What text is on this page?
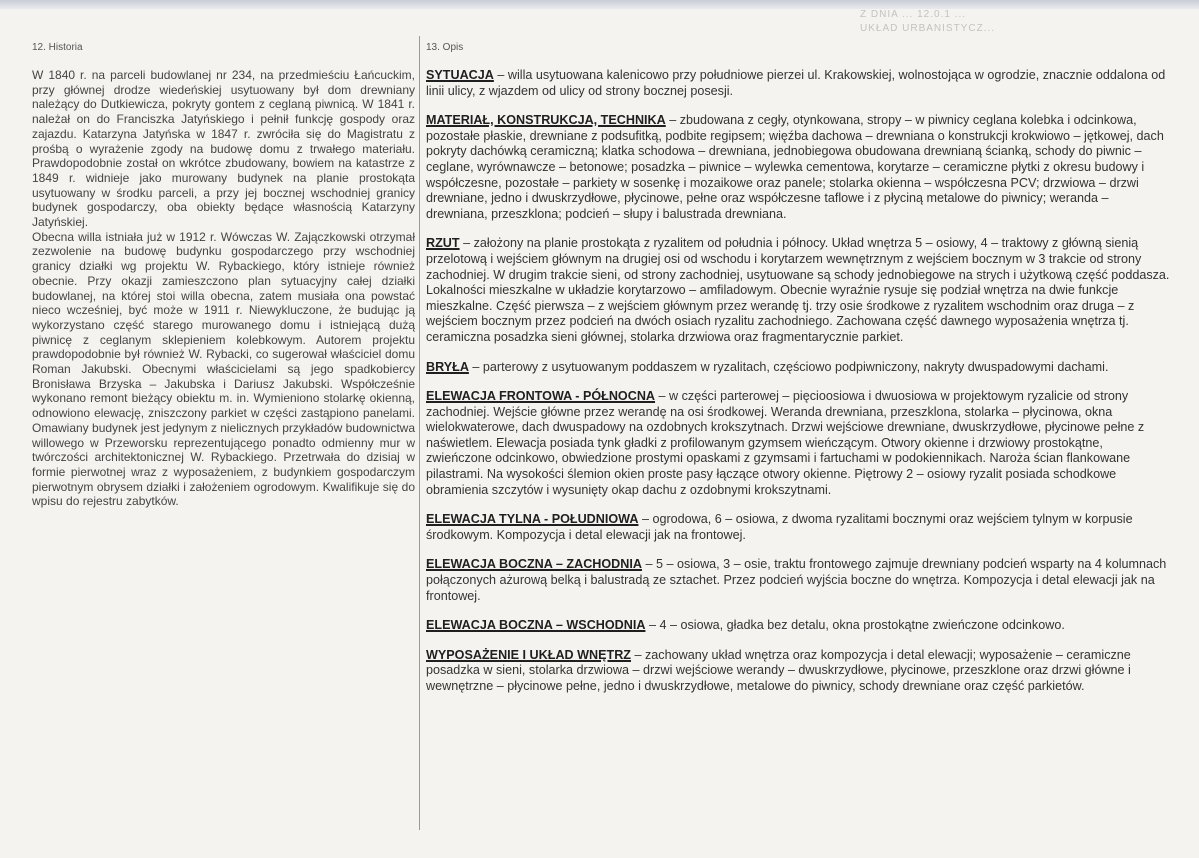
Z DNIA ... 12.0.1 ...
UKŁAD URBANISTYCZ...
12. Historia

W 1840 r. na parceli budowlanej nr 234, na przedmieściu Łańcuckim, przy głównej drodze wiedeńskiej usytuowany był dom drewniany należący do Dutkiewicza, pokryty gontem z ceglaną piwnicą. W 1841 r. należał on do Franciszka Jatyńskiego i pełnił funkcję gospody oraz zajazdu. Katarzyna Jatyńska w 1847 r. zwróciła się do Magistratu z prośbą o wyrażenie zgody na budowę domu z trwałego materiału. Prawdopodobnie został on wkrótce zbudowany, bowiem na katastrze z 1849 r. widnieje jako murowany budynek na planie prostokąta usytuowany w środku parceli, a przy jej bocznej wschodniej granicy budynek gospodarczy, oba obiekty będące własnością Katarzyny Jatyńskiej.

Obecna willa istniała już w 1912 r. Wówczas W. Zajączkowski otrzymał zezwolenie na budowę budynku gospodarczego przy wschodniej granicy działki wg projektu W. Rybackiego, który istnieje również obecnie. Przy okazji zamieszczono plan sytuacyjny całej działki budowlanej, na której stoi willa obecna, zatem musiała ona powstać nieco wcześniej, być może w 1911 r. Niewykluczone, że budując ją wykorzystano część starego murowanego domu i istniejącą dużą piwnicę z ceglanym sklepieniem kolebkowym. Autorem projektu prawdopodobnie był również W. Rybacki, co sugerował właściciel domu Roman Jakubski. Obecnymi właścicielami są jego spadkobiercy Bronisława Brzyska – Jakubska i Dariusz Jakubski. Współcześnie wykonano remont bieżący obiektu m. in. Wymieniono stolarkę okienną, odnowiono elewację, zniszczony parkiet w części zastąpiono panelami. Omawiany budynek jest jedynym z nielicznych przykładów budownictwa willowego w Przeworsku reprezentującego ponadto odmienny mur w twórczości architektonicznej W. Rybackiego. Przetrwała do dzisiaj w formie pierwotnej wraz z wyposażeniem, z budynkiem gospodarczym pierwotnym obrysem działki i założeniem ogrodowym. Kwalifikuje się do wpisu do rejestru zabytków.

13. Opis

SYTUACJA – willa usytuowana kalenicowo przy południowe pierzei ul. Krakowskiej, wolnostojąca w ogrodzie, znacznie oddalona od linii ulicy, z wjazdem od ulicy od strony bocznej posesji.

MATERIAŁ, KONSTRUKCJA, TECHNIKA – zbudowana z cegły, otynkowana, stropy – w piwnicy ceglana kolebka i odcinkowa, pozostałe płaskie, drewniane z podsufitką, podbite regipsem; więźba dachowa – drewniana o konstrukcji krokwiowo – jętkowej, dach pokryty dachówką ceramiczną; klatka schodowa – drewniana, jednobiegowa obudowana drewnianą ścianką, schody do piwnic – ceglane, wyrównawcze – betonowe; posadzka – piwnice – wylewka cementowa, korytarze – ceramiczne płytki z okresu budowy i współczesne, pozostałe – parkiety w sosenkę i mozaikowe oraz panele; stolarka okienna – współczesna PCV; drzwiowa – drzwi drewniane, jedno i dwuskrzydłowe, płycinowe, pełne oraz współczesne taflowe i z płyciną metalowe do piwnicy; weranda – drewniana, przeszklona; podcień – słupy i balustrada drewniana.

RZUT – założony na planie prostokąta z ryzalitem od południa i północy. Układ wnętrza 5 – osiowy, 4 – traktowy z główną sienią przelotową i wejściem głównym na drugiej osi od wschodu i korytarzem wewnętrznym z wejściem bocznym w 3 trakcie od strony zachodniej. W drugim trakcie sieni, od strony zachodniej, usytuowane są schody jednobiegowe na strych i użytkową część poddasza. Lokalności mieszkalne w układzie korytarzowo – amfiladowym. Obecnie wyraźnie rysuje się podział wnętrza na dwie funkcje mieszkalne. Część pierwsza – z wejściem głównym przez werandę tj. trzy osie środkowe z ryzalitem wschodnim oraz druga – z wejściem bocznym przez podcień na dwóch osiach ryzalitu zachodniego. Zachowana część dawnego wyposażenia wnętrza tj. ceramiczna posadzka sieni głównej, stolarka drzwiowa oraz fragmentarycznie parkiet.

BRYŁA – parterowy z usytuowanym poddaszem w ryzalitach, częściowo podpiwniczony, nakryty dwuspadowymi dachami.

ELEWACJA FRONTOWA - PÓŁNOCNA – w części parterowej – pięcioosiowa i dwuosiowa w projektowym ryzalicie od strony zachodniej. Wejście główne przez werandę na osi środkowej. Weranda drewniana, przeszklona, stolarka – płycinowa, okna wielokwaterowe, dach dwuspadowy na ozdobnych krokszytnach. Drzwi wejściowe drewniane, dwuskrzydłowe, płycinowe pełne z naświetlem. Elewacja posiada tynk gładki z profilowanym gzymsem wieńczącym. Otwory okienne i drzwiowy prostokątne, zwieńczone odcinkowo, obwiedzione prostymi opaskami z gzymsami i fartuchami w podokiennikach. Naroża ścian flankowane pilastrami. Na wysokości ślemion okien proste pasy łączące otwory okienne. Piętrowy 2 – osiowy ryzalit posiada schodkowe obramienia szczytów i wysunięty okap dachu z ozdobnymi krokszytnami.

ELEWACJA TYLNA - POŁUDNIOWA – ogrodowa, 6 – osiowa, z dwoma ryzalitami bocznymi oraz wejściem tylnym w korpusie środkowym. Kompozycja i detal elewacji jak na frontowej.

ELEWACJA BOCZNA – ZACHODNIA – 5 – osiowa, 3 – osie, traktu frontowego zajmuje drewniany podcień wsparty na 4 kolumnach połączonych ażurową belką i balustradą ze sztachet. Przez podcień wyjścia boczne do wnętrza. Kompozycja i detal elewacji jak na frontowej.

ELEWACJA BOCZNA – WSCHODNIA – 4 – osiowa, gładka bez detalu, okna prostokątne zwieńczone odcinkowo.

WYPOSAŻENIE I UKŁAD WNĘTRZ – zachowany układ wnętrza oraz kompozycja i detal elewacji; wyposażenie – ceramiczne posadzka w sieni, stolarka drzwiowa – drzwi wejściowe werandy – dwuskrzydłowe, płycinowe, przeszklone oraz drzwi główne i wewnętrzne – płycinowe pełne, jedno i dwuskrzydłowe, metalowe do piwnicy, schody drewniane oraz część parkietów.
